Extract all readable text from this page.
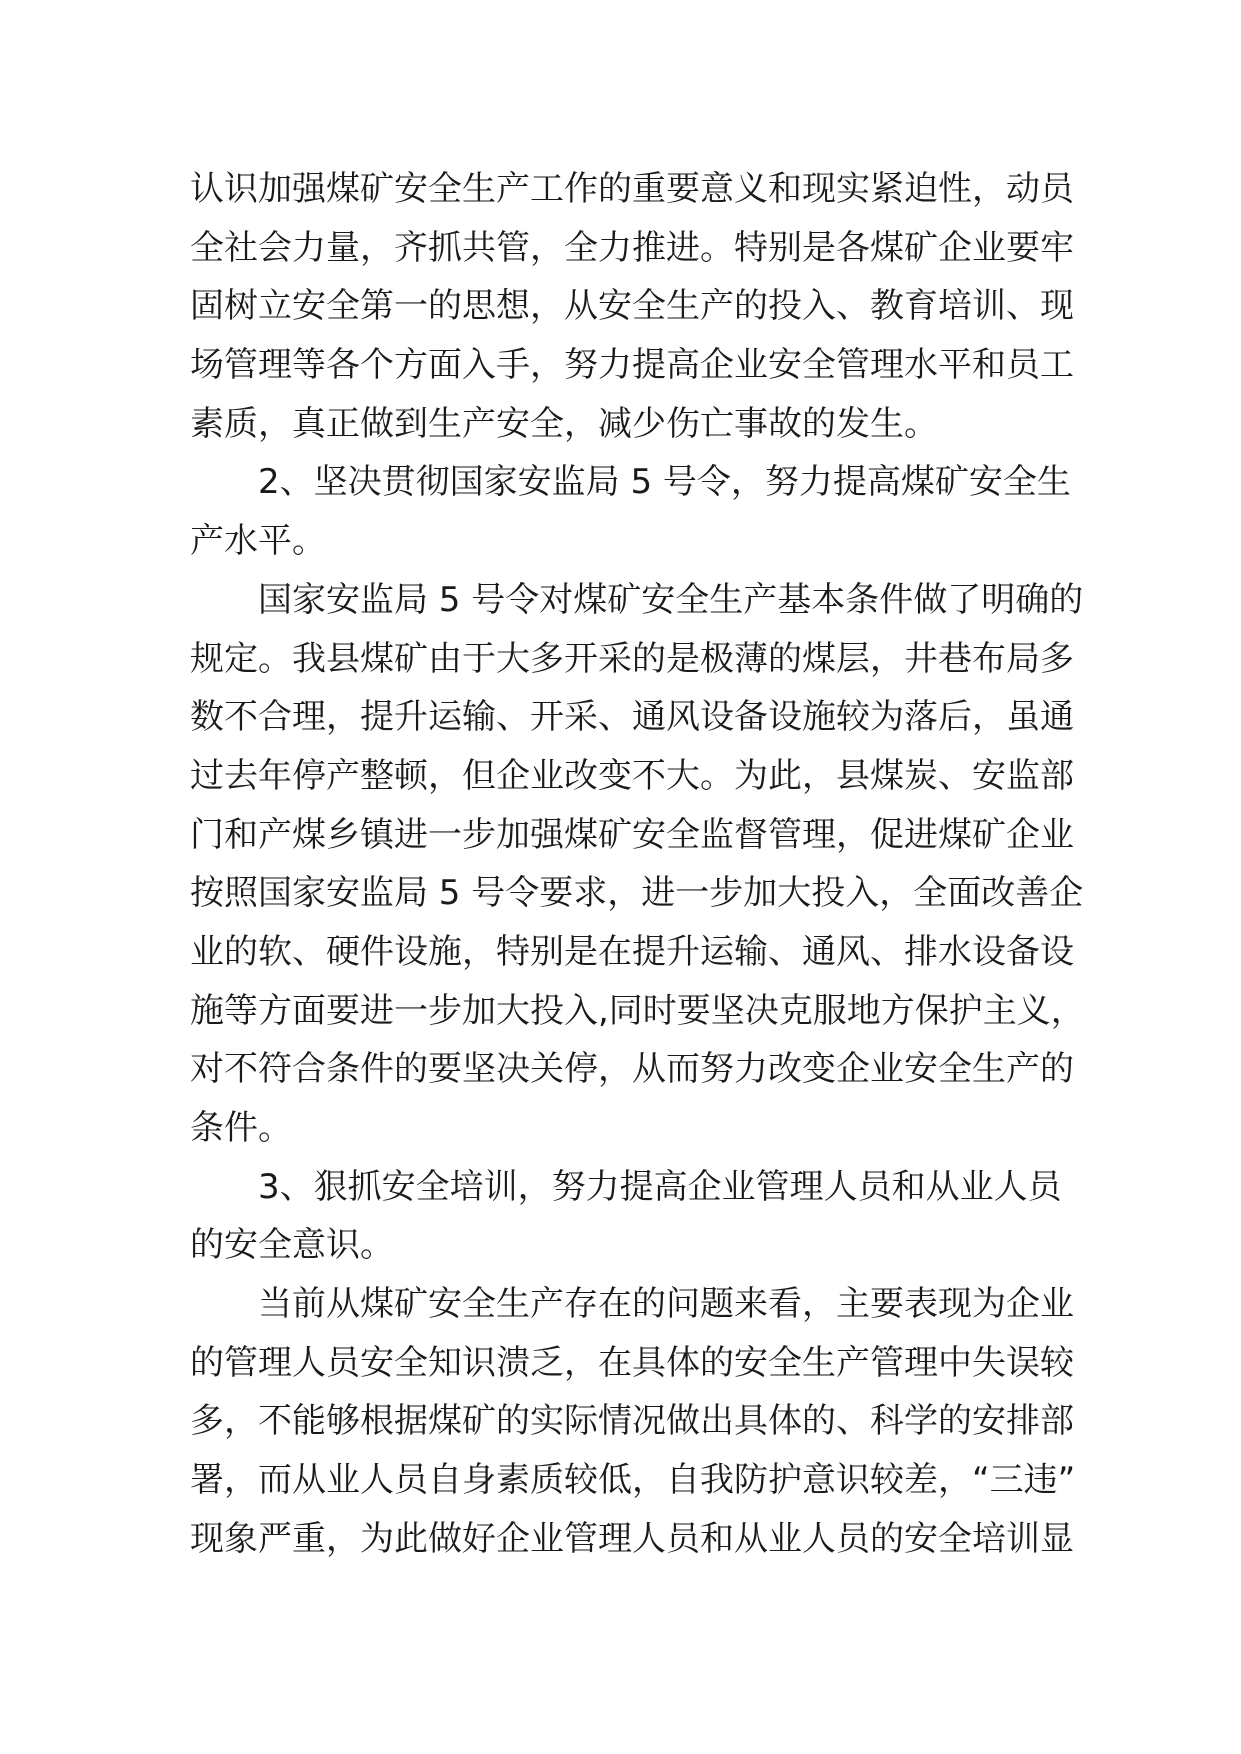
认识加强煤矿安全生产工作的重要意义和现实紧迫性，动员
全社会力量，齐抓共管，全力推进。特别是各煤矿企业要牢
固树立安全第一的思想，从安全生产的投入、教育培训、现
场管理等各个方面入手，努力提高企业安全管理水平和员工
素质，真正做到生产安全，减少伤亡事故的发生。
2、坚决贯彻国家安监局 5 号令，努力提高煤矿安全生
产水平。
国家安监局 5 号令对煤矿安全生产基本条件做了明确的
规定。我县煤矿由于大多开采的是极薄的煤层，井巷布局多
数不合理，提升运输、开采、通风设备设施较为落后，虽通
过去年停产整顿，但企业改变不大。为此，县煤炭、安监部
门和产煤乡镇进一步加强煤矿安全监督管理，促进煤矿企业
按照国家安监局 5 号令要求，进一步加大投入，全面改善企
业的软、硬件设施，特别是在提升运输、通风、排水设备设
施等方面要进一步加大投入,同时要坚决克服地方保护主义，
对不符合条件的要坚决关停，从而努力改变企业安全生产的
条件。
3、狠抓安全培训，努力提高企业管理人员和从业人员
的安全意识。
当前从煤矿安全生产存在的问题来看，主要表现为企业
的管理人员安全知识溃乏，在具体的安全生产管理中失误较
多，不能够根据煤矿的实际情况做出具体的、科学的安排部
署，而从业人员自身素质较低，自我防护意识较差，“三违”
现象严重，为此做好企业管理人员和从业人员的安全培训显
